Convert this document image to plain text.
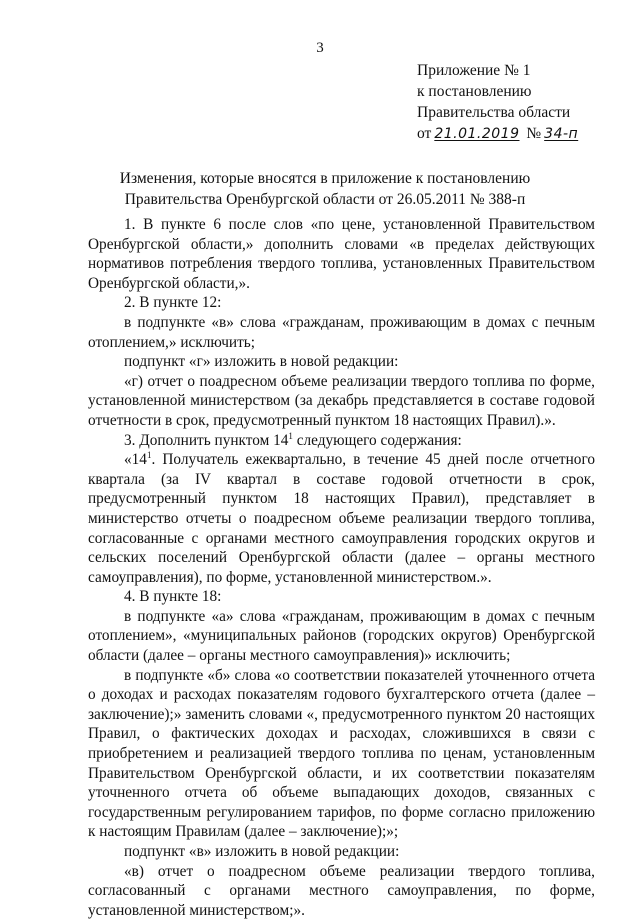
3
Приложение № 1
к постановлению
Правительства области
от 21.01.2019 № 34-п
Изменения, которые вносятся в приложение к постановлению
Правительства Оренбургской области от 26.05.2011 № 388-п

1. В пункте 6 после слов «по цене, установленной Правительством Оренбургской области,» дополнить словами «в пределах действующих нормативов потребления твердого топлива, установленных Правительством Оренбургской области,».

2. В пункте 12:

в подпункте «в» слова «гражданам, проживающим в домах с печным отоплением,» исключить;

подпункт «г» изложить в новой редакции:

«г) отчет о поадресном объеме реализации твердого топлива по форме, установленной министерством (за декабрь представляется в составе годовой отчетности в срок, предусмотренный пунктом 18 настоящих Правил).».

3. Дополнить пунктом $14^1$ следующего содержания:

«$14^1$. Получатель ежеквартально, в течение 45 дней после отчетного квартала (за IV квартал в составе годовой отчетности в срок, предусмотренный пунктом 18 настоящих Правил), представляет в министерство отчеты о поадресном объеме реализации твердого топлива, согласованные с органами местного самоуправления городских округов и сельских поселений Оренбургской области (далее – органы местного самоуправления), по форме, установленной министерством.».

4. В пункте 18:

в подпункте «а» слова «гражданам, проживающим в домах с печным отоплением», «муниципальных районов (городских округов) Оренбургской области (далее – органы местного самоуправления)» исключить;

в подпункте «б» слова «о соответствии показателей уточненного отчета о доходах и расходах показателям годового бухгалтерского отчета (далее – заключение);» заменить словами «, предусмотренного пунктом 20 настоящих Правил, о фактических доходах и расходах, сложившихся в связи с приобретением и реализацией твердого топлива по ценам, установленным Правительством Оренбургской области, и их соответствии показателям уточненного отчета об объеме выпадающих доходов, связанных с государственным регулированием тарифов, по форме согласно приложению к настоящим Правилам (далее – заключение);»;

подпункт «в» изложить в новой редакции:

«в) отчет о поадресном объеме реализации твердого топлива, согласованный с органами местного самоуправления, по форме, установленной министерством;».
